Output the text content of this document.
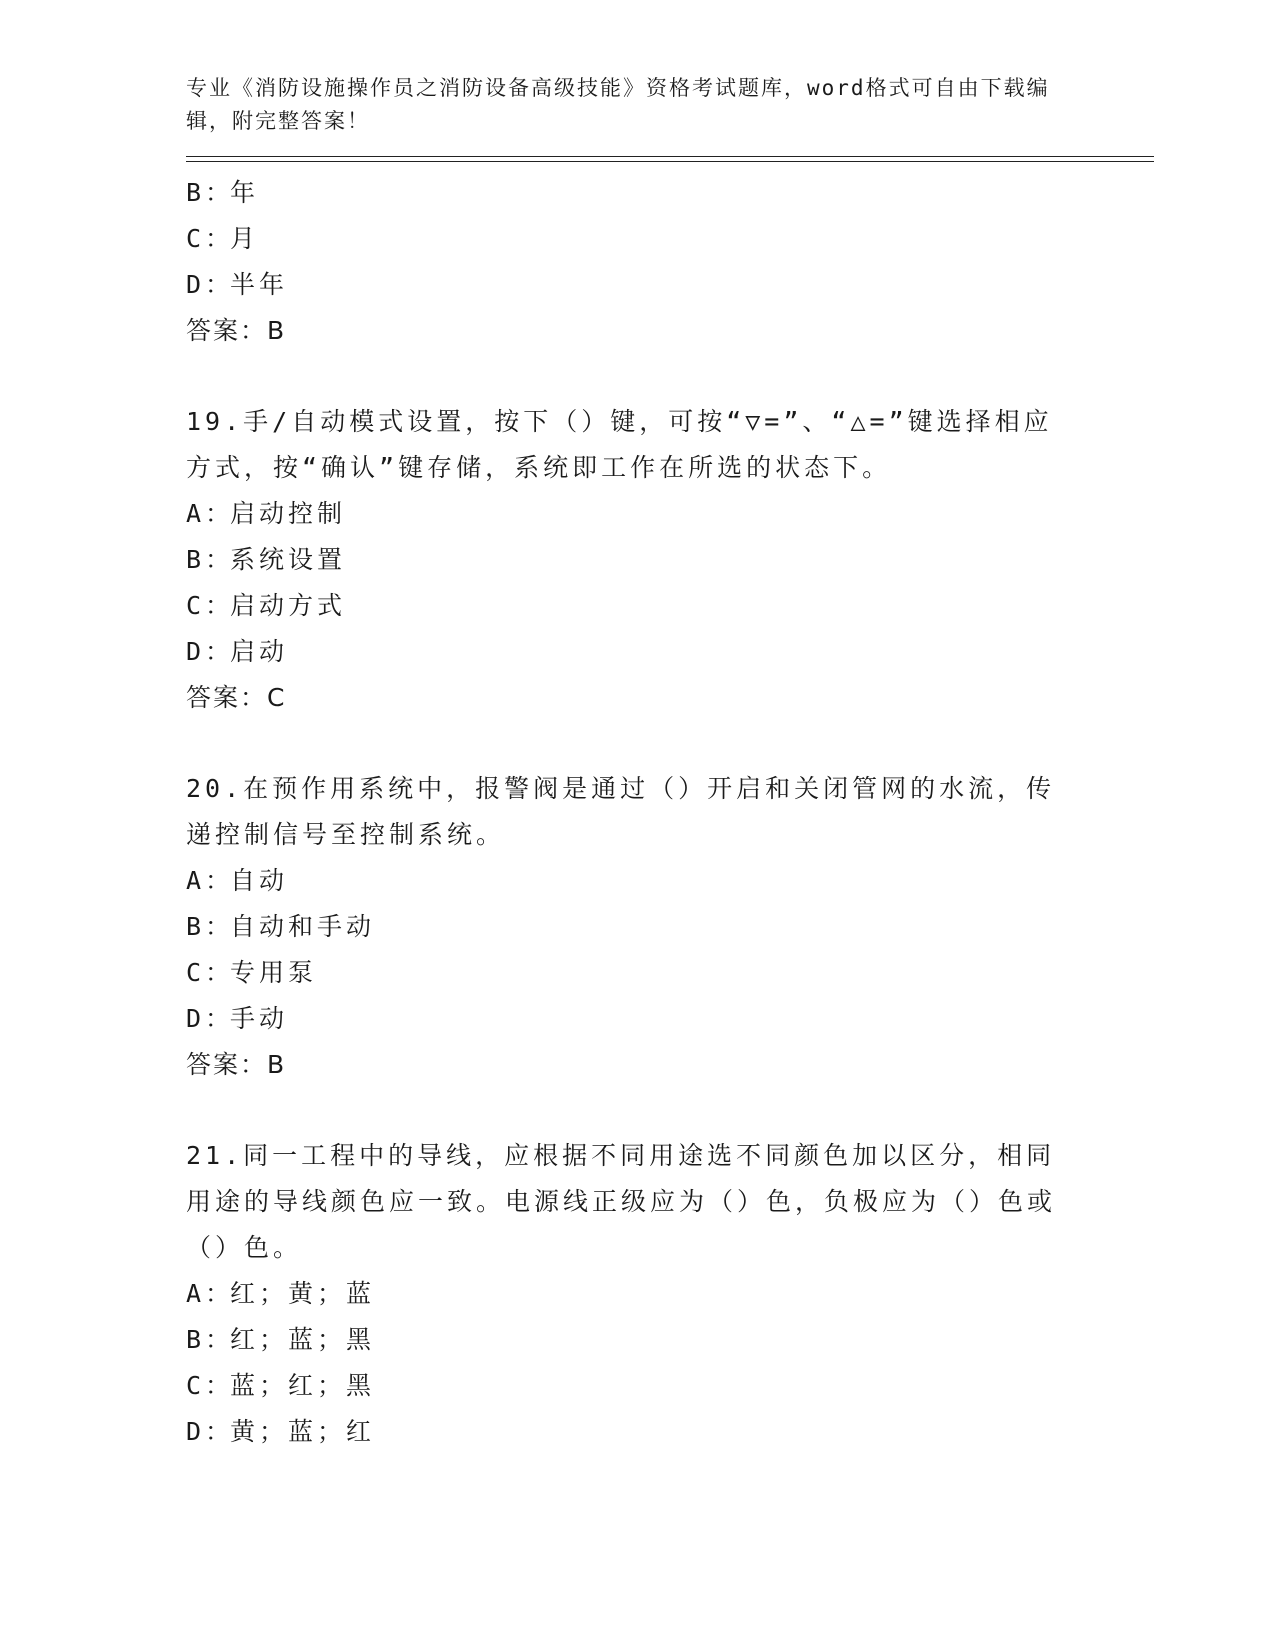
专业《消防设施操作员之消防设备高级技能》资格考试题库，word格式可自由下载编辑，附完整答案！
B：年
C：月
D：半年
答案：B
19.手/自动模式设置，按下（）键，可按“▽=”、“△=”键选择相应方式，按“确认”键存储，系统即工作在所选的状态下。
A：启动控制
B：系统设置
C：启动方式
D：启动
答案：C
20.在预作用系统中，报警阀是通过（）开启和关闭管网的水流，传递控制信号至控制系统。
A：自动
B：自动和手动
C：专用泵
D：手动
答案：B
21.同一工程中的导线，应根据不同用途选不同颜色加以区分，相同用途的导线颜色应一致。电源线正级应为（）色，负极应为（）色或（）色。
A：红；黄；蓝
B：红；蓝；黑
C：蓝；红；黑
D：黄；蓝；红
